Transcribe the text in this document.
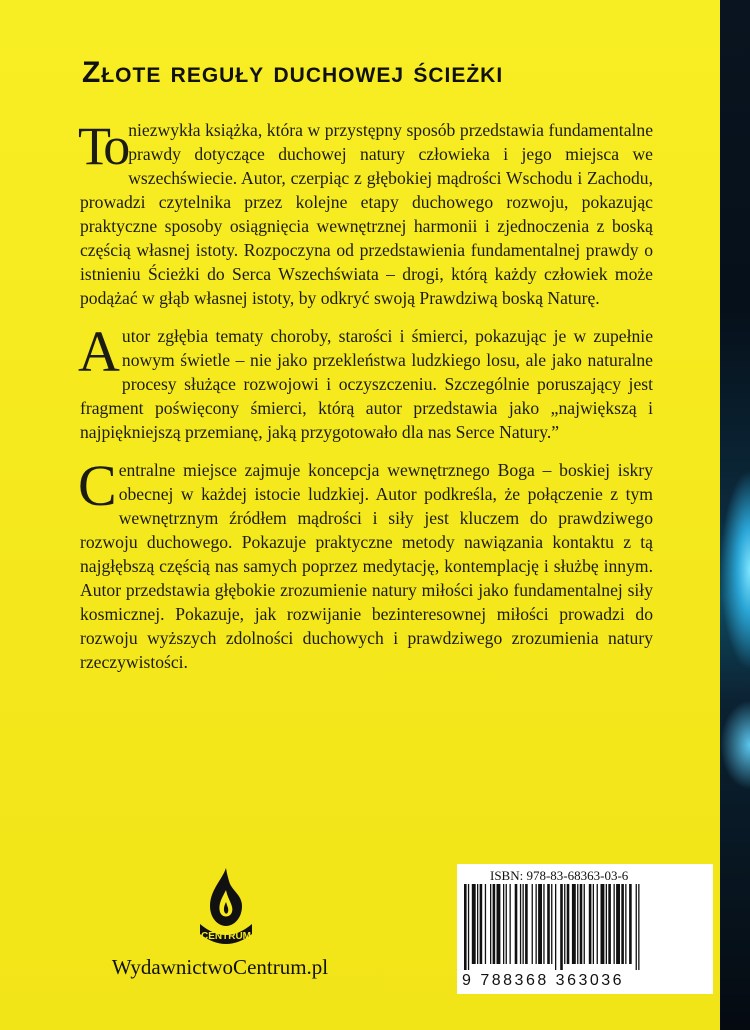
Złote reguły duchowej ścieżki

To niezwykła książka, która w przystępny sposób przedstawia fundamentalne prawdy dotyczące duchowej natury człowieka i jego miejsca we wszechświecie. Autor, czerpiąc z głębokiej mądrości Wschodu i Zachodu, prowadzi czytelnika przez kolejne etapy duchowego rozwoju, pokazując praktyczne sposoby osiągnięcia wewnętrznej harmonii i zjednoczenia z boską częścią własnej istoty. Rozpoczyna od przedstawienia fundamentalnej prawdy o istnieniu Ścieżki do Serca Wszechświata – drogi, którą każdy człowiek może podążać w głąb własnej istoty, by odkryć swoją Prawdziwą boską Naturę.

Autor zgłębia tematy choroby, starości i śmierci, pokazując je w zupełnie nowym świetle – nie jako przekleństwa ludzkiego losu, ale jako naturalne procesy służące rozwojowi i oczyszczeniu. Szczególnie poruszający jest fragment poświęcony śmierci, którą autor przedstawia jako „największą i najpiękniejszą przemianę, jaką przygotowało dla nas Serce Natury.”

Centralne miejsce zajmuje koncepcja wewnętrznego Boga – boskiej iskry obecnej w każdej istocie ludzkiej. Autor podkreśla, że połączenie z tym wewnętrznym źródłem mądrości i siły jest kluczem do prawdziwego rozwoju duchowego. Pokazuje praktyczne metody nawiązania kontaktu z tą najgłębszą częścią nas samych poprzez medytację, kontemplację i służbę innym. Autor przedstawia głębokie zrozumienie natury miłości jako fundamentalnej siły kosmicznej. Pokazuje, jak rozwijanie bezinteresownej miłości prowadzi do rozwoju wyższych zdolności duchowych i prawdziwego zrozumienia natury rzeczywistości.

CENTRUM
WydawnictwoCentrum.pl
ISBN: 978-83-68363-03-6
9 788368 363036
